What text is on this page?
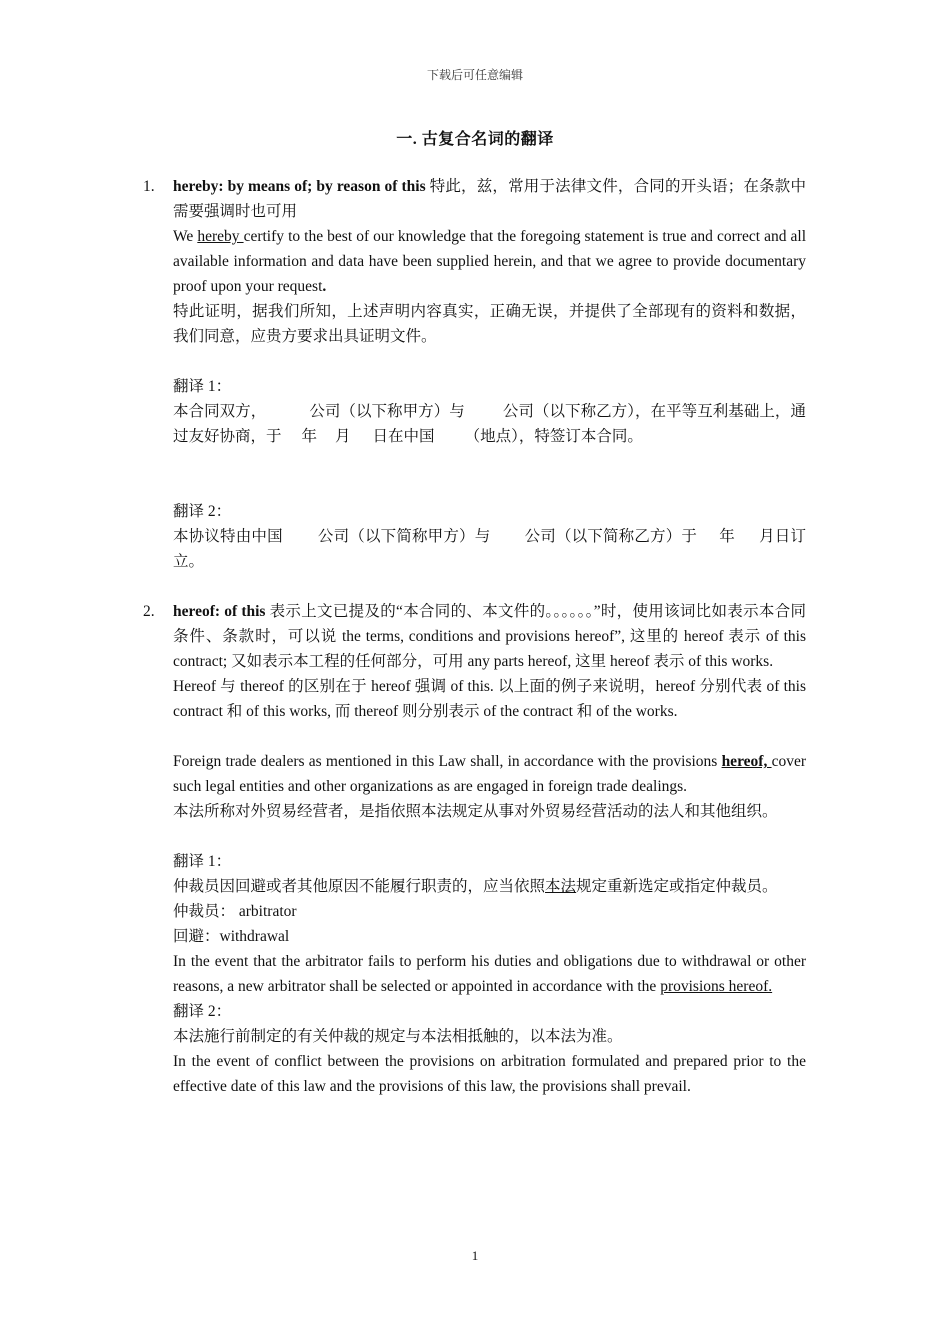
下载后可任意编辑
一. 古复合名词的翻译
1. hereby: by means of; by reason of this 特此，兹，常用于法律文件，合同的开头语；在条款中需要强调时也可用

We hereby certify to the best of our knowledge that the foregoing statement is true and correct and all available information and data have been supplied herein, and that we agree to provide documentary proof upon your request.

特此证明，据我们所知，上述声明内容真实，正确无误，并提供了全部现有的资料和数据，我们同意，应贵方要求出具证明文件。

翻译 1：

本合同双方，	公司（以下称甲方）与 公司（以下称乙方），在平等互利基础上，通过友好协商，于 年 月 日在中国 （地点），特签订本合同。

翻译 2：

本协议特由中国 公司（以下简称甲方）与 公司（以下简称乙方）于 年 月日订立。

2. hereof: of this 表示上文已提及的“本合同的、本文件的。。。。。。”时，使用该词比如表示本合同条件、条款时，可以说 the terms, conditions and provisions hereof”, 这里的 hereof 表示 of this contract; 又如表示本工程的任何部分，可用 any parts hereof, 这里 hereof 表示 of this works.

Hereof 与 thereof 的区别在于 hereof 强调 of this. 以上面的例子来说明，hereof 分别代表 of this contract 和 of this works, 而 thereof 则分别表示 of the contract 和 of the works.

Foreign trade dealers as mentioned in this Law shall, in accordance with the provisions hereof, cover such legal entities and other organizations as are engaged in foreign trade dealings.

本法所称对外贸易经营者，是指依照本法规定从事对外贸易经营活动的法人和其他组织。

翻译 1：

仲裁员因回避或者其他原因不能履行职责的，应当依照本法规定重新选定或指定仲裁员。

仲裁员： arbitrator

回避：withdrawal

In the event that the arbitrator fails to perform his duties and obligations due to withdrawal or other reasons, a new arbitrator shall be selected or appointed in accordance with the provisions hereof.

翻译 2：

本法施行前制定的有关仲裁的规定与本法相抵触的，以本法为准。

In the event of conflict between the provisions on arbitration formulated and prepared prior to the effective date of this law and the provisions of this law, the provisions shall prevail.

1
